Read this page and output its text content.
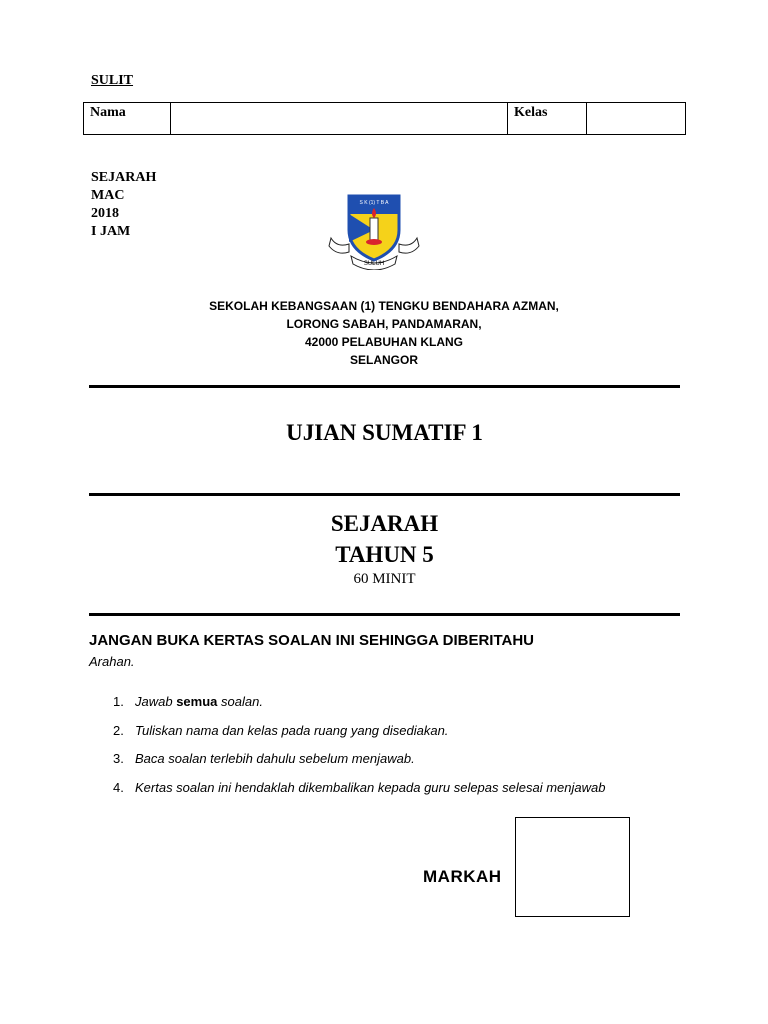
SULIT
Nama		Kelas	
SEJARAH
MAC
2018
I JAM
S K (1) T B A
SULUH
SEKOLAH KEBANGSAAN (1) TENGKU BENDAHARA AZMAN,
LORONG SABAH, PANDAMARAN,
42000 PELABUHAN KLANG
SELANGOR
UJIAN SUMATIF 1
SEJARAH
TAHUN 5
60 MINIT
JANGAN BUKA KERTAS SOALAN INI SEHINGGA DIBERITAHU
Arahan.
1. Jawab semua soalan.
2. Tuliskan nama dan kelas pada ruang yang disediakan.
3. Baca soalan terlebih dahulu sebelum menjawab.
4. Kertas soalan ini hendaklah dikembalikan kepada guru selepas selesai menjawab
MARKAH
